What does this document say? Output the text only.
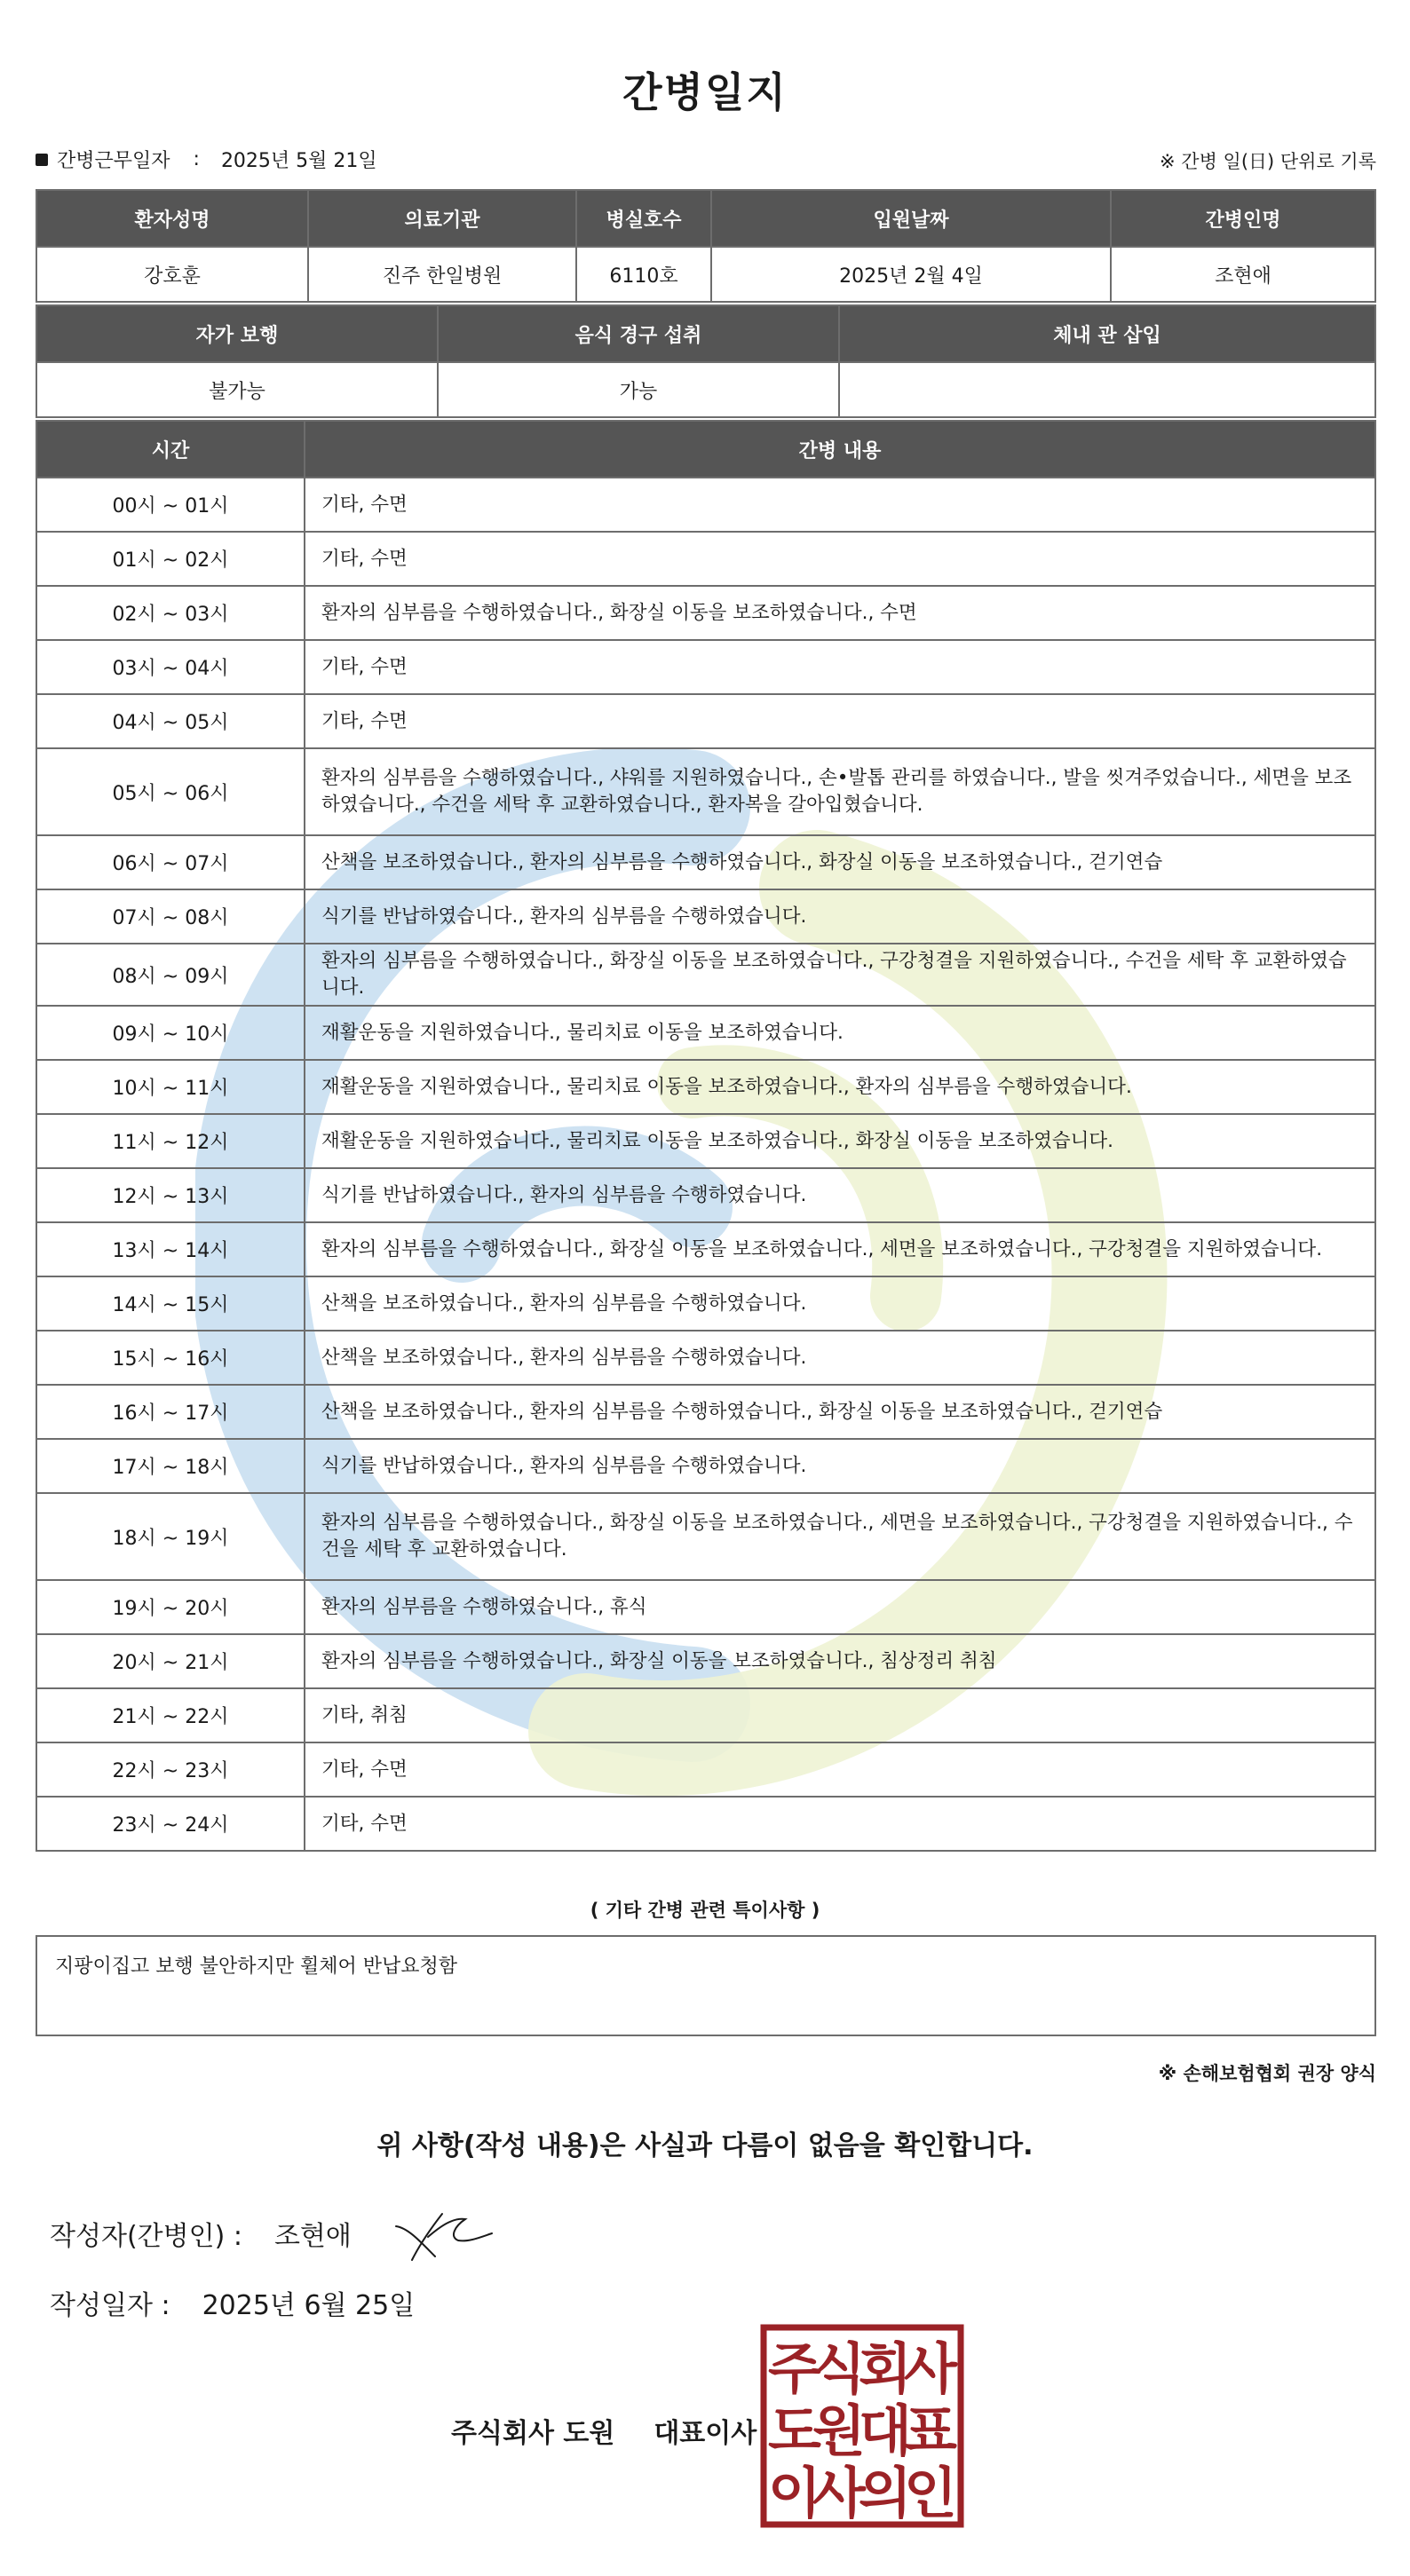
간병일지
간병근무일자 : 2025년 5월 21일	※ 간병 일(日) 단위로 기록
환자성명	의료기관	병실호수	입원날짜	간병인명
강호훈	진주 한일병원	6110호	2025년 2월 4일	조현애
자가 보행	음식 경구 섭취	체내 관 삽입
불가능	가능	
시간	간병 내용
00시 ~ 01시	기타, 수면
01시 ~ 02시	기타, 수면
02시 ~ 03시	환자의 심부름을 수행하였습니다., 화장실 이동을 보조하였습니다., 수면
03시 ~ 04시	기타, 수면
04시 ~ 05시	기타, 수면
05시 ~ 06시	환자의 심부름을 수행하였습니다., 샤워를 지원하였습니다., 손•발톱 관리를 하였습니다., 발을 씻겨주었습니다., 세면을 보조하였습니다., 수건을 세탁 후 교환하였습니다., 환자복을 갈아입혔습니다.
06시 ~ 07시	산책을 보조하였습니다., 환자의 심부름을 수행하였습니다., 화장실 이동을 보조하였습니다., 걷기연습
07시 ~ 08시	식기를 반납하였습니다., 환자의 심부름을 수행하였습니다.
08시 ~ 09시	환자의 심부름을 수행하였습니다., 화장실 이동을 보조하였습니다., 구강청결을 지원하였습니다., 수건을 세탁 후 교환하였습니다.
09시 ~ 10시	재활운동을 지원하였습니다., 물리치료 이동을 보조하였습니다.
10시 ~ 11시	재활운동을 지원하였습니다., 물리치료 이동을 보조하였습니다., 환자의 심부름을 수행하였습니다.
11시 ~ 12시	재활운동을 지원하였습니다., 물리치료 이동을 보조하였습니다., 화장실 이동을 보조하였습니다.
12시 ~ 13시	식기를 반납하였습니다., 환자의 심부름을 수행하였습니다.
13시 ~ 14시	환자의 심부름을 수행하였습니다., 화장실 이동을 보조하였습니다., 세면을 보조하였습니다., 구강청결을 지원하였습니다.
14시 ~ 15시	산책을 보조하였습니다., 환자의 심부름을 수행하였습니다.
15시 ~ 16시	산책을 보조하였습니다., 환자의 심부름을 수행하였습니다.
16시 ~ 17시	산책을 보조하였습니다., 환자의 심부름을 수행하였습니다., 화장실 이동을 보조하였습니다., 걷기연습
17시 ~ 18시	식기를 반납하였습니다., 환자의 심부름을 수행하였습니다.
18시 ~ 19시	환자의 심부름을 수행하였습니다., 화장실 이동을 보조하였습니다., 세면을 보조하였습니다., 구강청결을 지원하였습니다., 수건을 세탁 후 교환하였습니다.
19시 ~ 20시	환자의 심부름을 수행하였습니다., 휴식
20시 ~ 21시	환자의 심부름을 수행하였습니다., 화장실 이동을 보조하였습니다., 침상정리 취침
21시 ~ 22시	기타, 취침
22시 ~ 23시	기타, 수면
23시 ~ 24시	기타, 수면
( 기타 간병 관련 특이사항 )
지팡이집고 보행 불안하지만 휠체어 반납요청함
※ 손해보험협회 권장 양식
위 사항(작성 내용)은 사실과 다름이 없음을 확인합니다.
작성자(간병인) : 조현애
작성일자 : 2025년 6월 25일
주식회사 도원 대표이사
주
식
회
사
도
원
대
표
이
사
의
인
